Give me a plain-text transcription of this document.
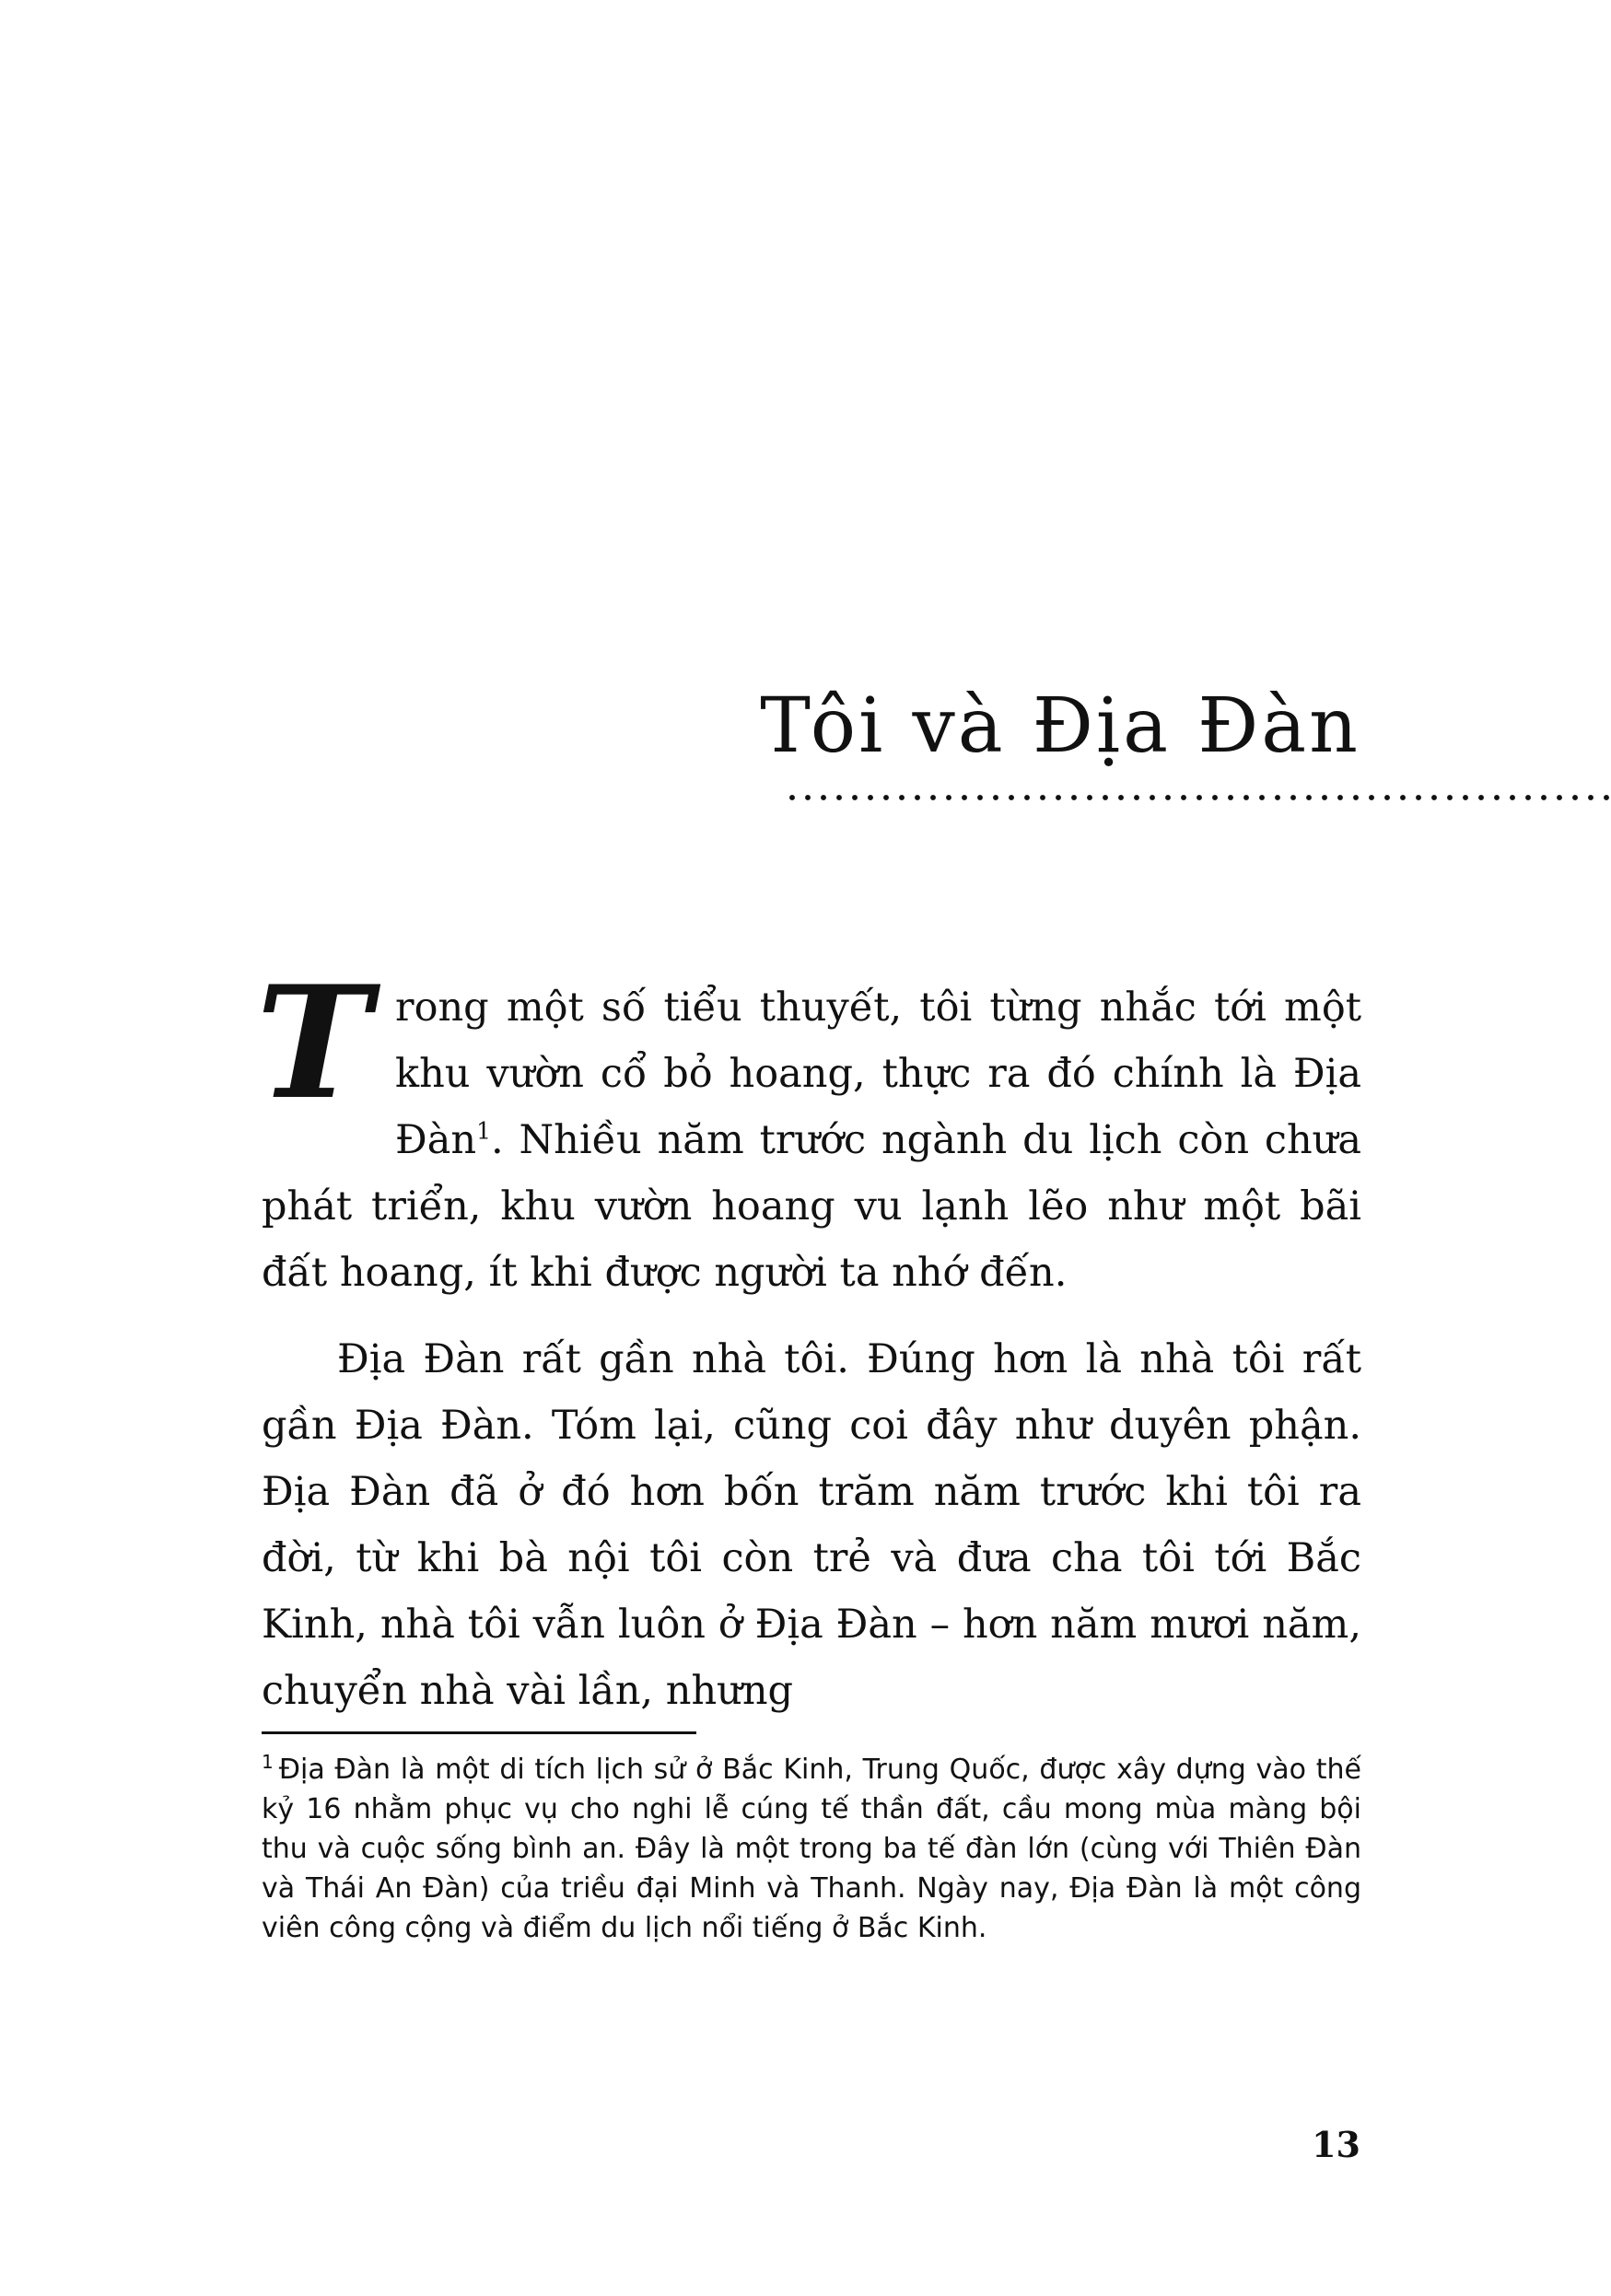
Tôi và Địa Đàn

Trong một số tiểu thuyết, tôi từng nhắc tới một khu vườn cổ bỏ hoang, thực ra đó chính là Địa Đàn$^1$. Nhiều năm trước ngành du lịch còn chưa phát triển, khu vườn hoang vu lạnh lẽo như một bãi đất hoang, ít khi được người ta nhớ đến.

Địa Đàn rất gần nhà tôi. Đúng hơn là nhà tôi rất gần Địa Đàn. Tóm lại, cũng coi đây như duyên phận. Địa Đàn đã ở đó hơn bốn trăm năm trước khi tôi ra đời, từ khi bà nội tôi còn trẻ và đưa cha tôi tới Bắc Kinh, nhà tôi vẫn luôn ở Địa Đàn – hơn năm mươi năm, chuyển nhà vài lần, nhưng

$^1$ Địa Đàn là một di tích lịch sử ở Bắc Kinh, Trung Quốc, được xây dựng vào thế kỷ 16 nhằm phục vụ cho nghi lễ cúng tế thần đất, cầu mong mùa màng bội thu và cuộc sống bình an. Đây là một trong ba tế đàn lớn (cùng với Thiên Đàn và Thái An Đàn) của triều đại Minh và Thanh. Ngày nay, Địa Đàn là một công viên công cộng và điểm du lịch nổi tiếng ở Bắc Kinh.
13
